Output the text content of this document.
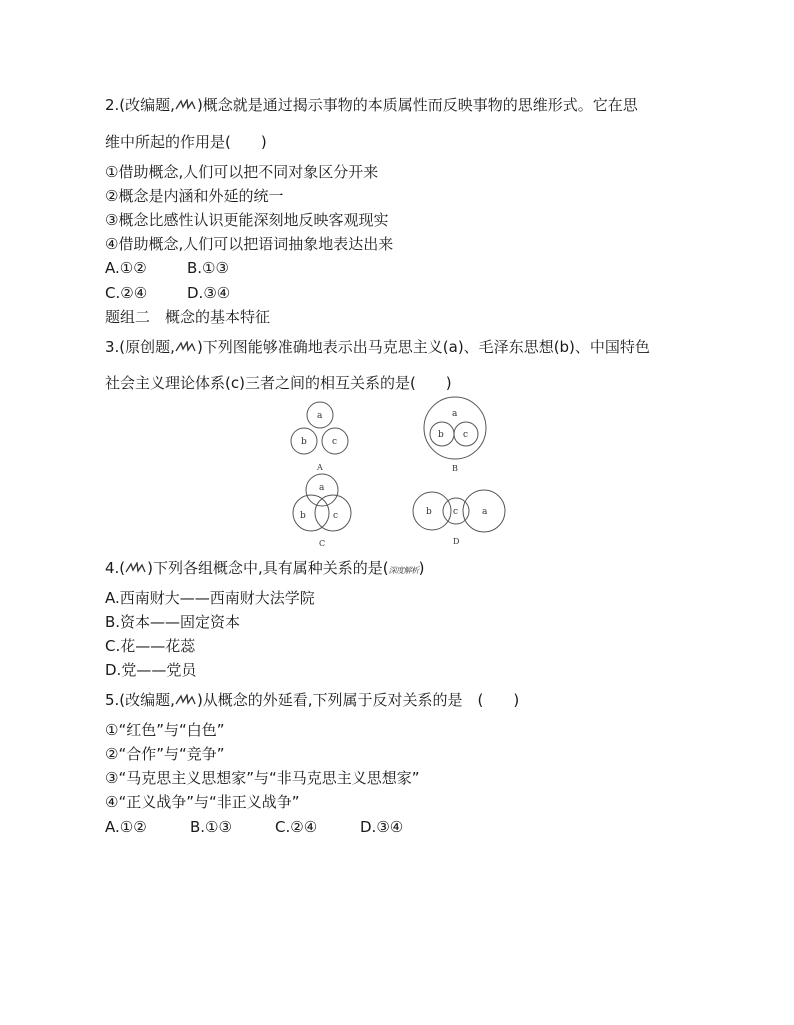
2.(改编题, )概念就是通过揭示事物的本质属性而反映事物的思维形式。它在思
维中所起的作用是(　　)
①借助概念,人们可以把不同对象区分开来
②概念是内涵和外延的统一
③概念比感性认识更能深刻地反映客观现实
④借助概念,人们可以把语词抽象地表达出来
A.①②	B.①③
C.②④	D.③④
题组二　概念的基本特征
3.(原创题, )下列图能够准确地表示出马克思主义(a)、毛泽东思想(b)、中国特色
社会主义理论体系(c)三者之间的相互关系的是(　　)
a
b	c
A
a
b c
B
a
b	c
C
b c	a
D
4.( )下列各组概念中,具有属种关系的是(深度解析)
A.西南财大——西南财大法学院
B.资本——固定资本
C.花——花蕊
D.党——党员
5.(改编题, )从概念的外延看,下列属于反对关系的是　(　　)
①“红色”与“白色”
②“合作”与“竞争”
③“马克思主义思想家”与“非马克思主义思想家”
④“正义战争”与“非正义战争”
A.①②	B.①③	C.②④	D.③④
